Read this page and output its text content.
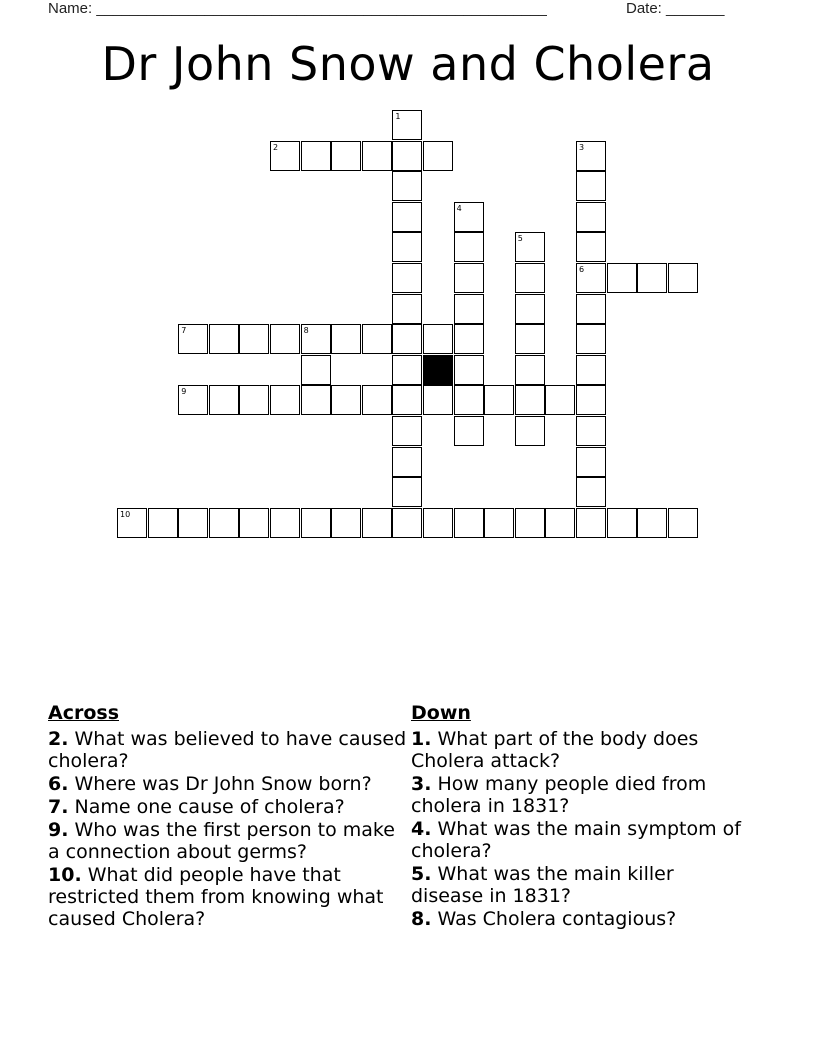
Name: ______________________________________________________	Date: _______
Dr John Snow and Cholera
1
2	3
6
4
5
7	8
9
10
Across
2. What was believed to have caused cholera?
6. Where was Dr John Snow born?
7. Name one cause of cholera?
9. Who was the first person to make a connection about germs?
10. What did people have that restricted them from knowing what caused Cholera?
Down
1. What part of the body does Cholera attack?
3. How many people died from cholera in 1831?
4. What was the main symptom of cholera?
5. What was the main killer disease in 1831?
8. Was Cholera contagious?
